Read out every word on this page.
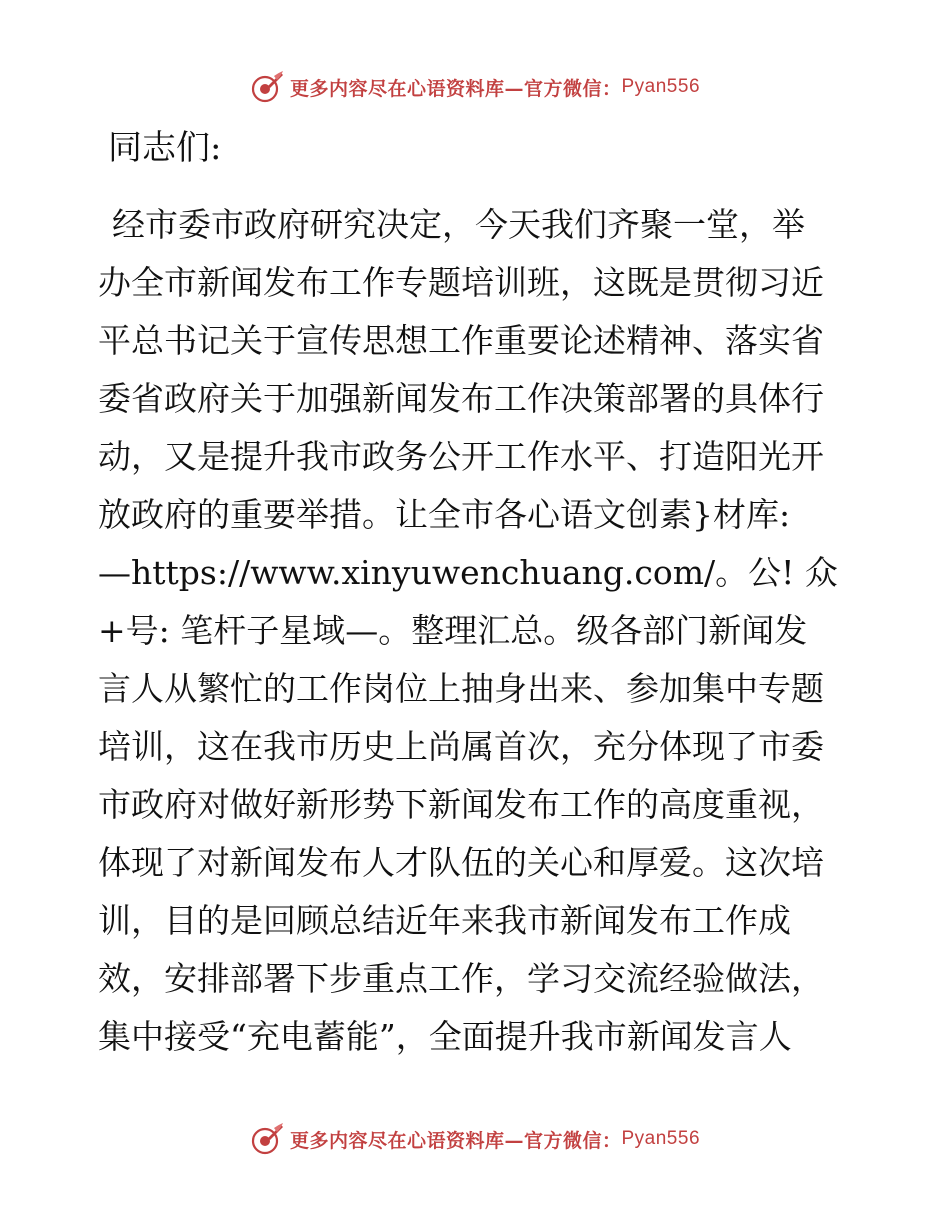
更多内容尽在心语资料库—官方微信： Pyan556

同志们:

经市委市政府研究决定，今天我们齐聚一堂，举
办全市新闻发布工作专题培训班，这既是贯彻习近
平总书记关于宣传思想工作重要论述精神、落实省
委省政府关于加强新闻发布工作决策部署的具体行
动，又是提升我市政务公开工作水平、打造阳光开
放政府的重要举措。让全市各心语文创素}材库:
—https://www.xinyuwenchuang.com/。公! 众
+号: 笔杆子星域—。整理汇总。级各部门新闻发
言人从繁忙的工作岗位上抽身出来、参加集中专题
培训，这在我市历史上尚属首次，充分体现了市委
市政府对做好新形势下新闻发布工作的高度重视，
体现了对新闻发布人才队伍的关心和厚爱。这次培
训，目的是回顾总结近年来我市新闻发布工作成
效，安排部署下步重点工作，学习交流经验做法，
集中接受“充电蓄能”，全面提升我市新闻发言人
更多内容尽在心语资料库—官方微信： Pyan556
